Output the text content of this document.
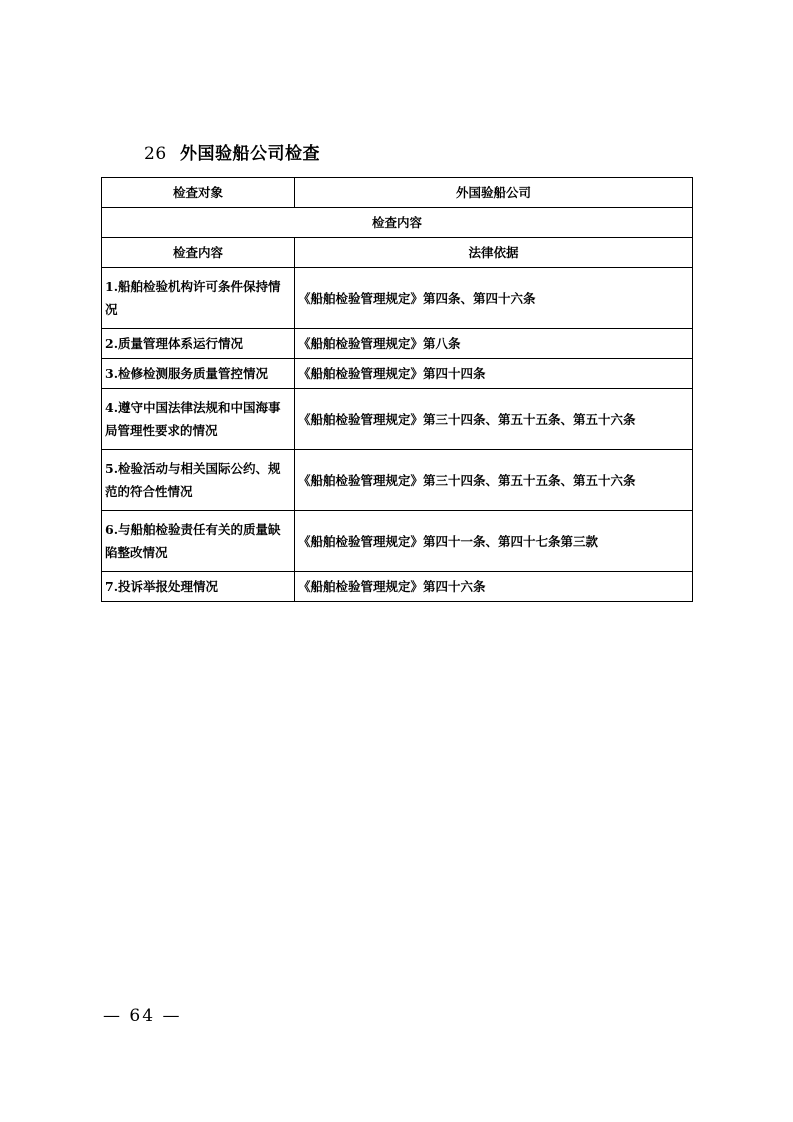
26 外国验船公司检查
检查对象	外国验船公司
检查内容	
检查内容	法律依据
1.船舶检验机构许可条件保持情况	《船舶检验管理规定》第四条、第四十六条
2.质量管理体系运行情况	《船舶检验管理规定》第八条
3.检修检测服务质量管控情况	《船舶检验管理规定》第四十四条
4.遵守中国法律法规和中国海事局管理性要求的情况	《船舶检验管理规定》第三十四条、第五十五条、第五十六条
5.检验活动与相关国际公约、规范的符合性情况	《船舶检验管理规定》第三十四条、第五十五条、第五十六条
6.与船舶检验责任有关的质量缺陷整改情况	《船舶检验管理规定》第四十一条、第四十七条第三款
7.投诉举报处理情况	《船舶检验管理规定》第四十六条
— 64 —
